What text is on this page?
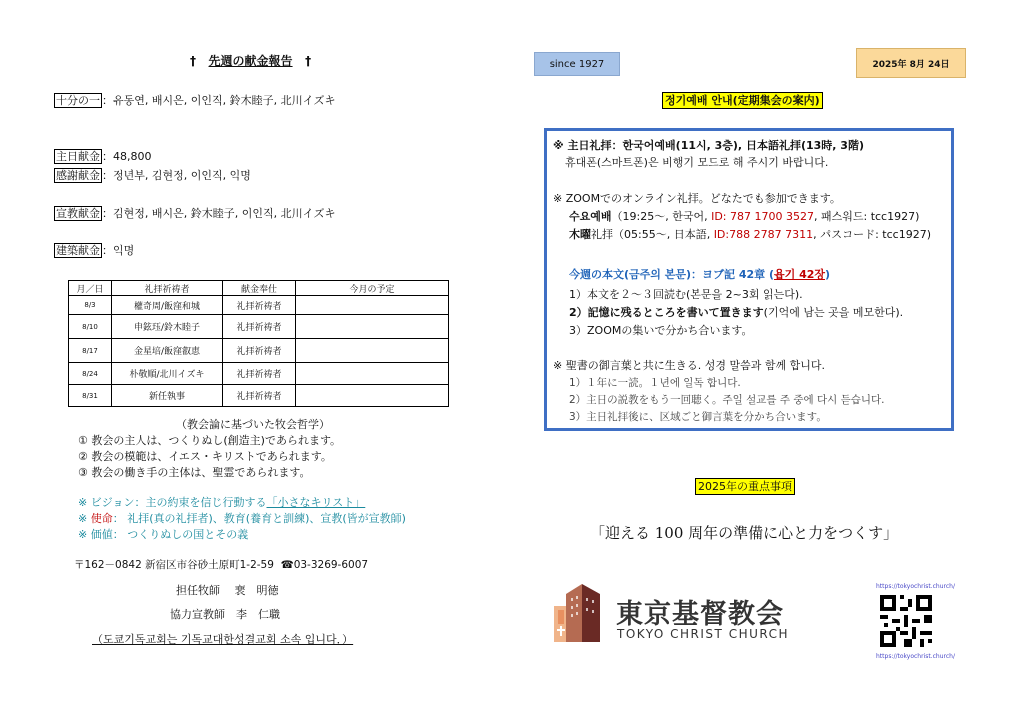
† 先週の献金報告 †
十分の一 ：유동연, 배시은, 이인직, 鈴木睦子, 北川イズキ
主日献金 ：48,800
感謝献金 ：정년부, 김현정, 이인직, 익명
宣教献金 ：김현정, 배시은, 鈴木睦子, 이인직, 北川イズキ
建築献金 ：익명
月／日	礼拝祈祷者	献金奉仕	今月の予定
8/3	權奇周/飯窪和城	礼拝祈祷者	
8/10	申鉉珏/鈴木睦子	礼拝祈祷者	
8/17	金星培/飯窪叡恵	礼拝祈祷者	
8/24	朴敬順/北川イズキ	礼拝祈祷者	
8/31	新任執事	礼拝祈祷者	
（教会論に基づいた牧会哲学）
① 教会の主人は、つくりぬし(創造主)であられます。
② 教会の模範は、イエス・キリストであられます。
③ 教会の働き手の主体は、聖霊であられます。
※ ビジョン：主の約束を信じ行動する「小さなキリスト」
※ 使命： 礼拝(真の礼拝者)、教育(養育と訓練)、宣教(皆が宣教師)
※ 価値： つくりぬしの国とその義
〒162－0842 新宿区市谷砂土原町1-2-59 ☎03-3269-6007
担任牧師　 裵　明徳
協力宣教師　李　仁職
（도쿄기독교회는 기독교대한성결교회 소속 입니다．）
since 1927	2025年 8月 24日
정기예배 안내(定期集会の案内)
※ 主日礼拝：한국어예배(11시, 3층), 日本語礼拝(13時, 3階)
휴대폰(스마트폰)은 비행기 모드로 해 주시기 바랍니다.
※ ZOOMでのオンライン礼拝。どなたでも参加できます。
수요예배（19:25～, 한국어, ID: 787 1700 3527, 패스워드: tcc1927)
木曜礼拝（05:55～, 日本語, ID:788 2787 7311, パスコード: tcc1927)
今週の本文(금주의 본문)：ヨブ記 42章 (욥기 42장)
1）本文を２～３回読む(본문을 2~3회 읽는다).
2）記憶に残るところを書いて置きます(기억에 남는 곳을 메모한다).
3）ZOOMの集いで分かち合います。
※ 聖書の御言葉と共に生きる. 성경 말씀과 함께 합니다.
1）１年に一読。１년에 일독 합니다.
2）主日の説教をもう一回聴く。주일 설교를 주 중에 다시 듣습니다.
3）主日礼拝後に、区域ごと御言葉を分かち合います。
2025年の重点事項
「迎える 100 周年の準備に心と力をつくす」
東京基督教会
TOKYO CHRIST CHURCH
https://tokyochrist.church/
https://tokyochrist.church/
